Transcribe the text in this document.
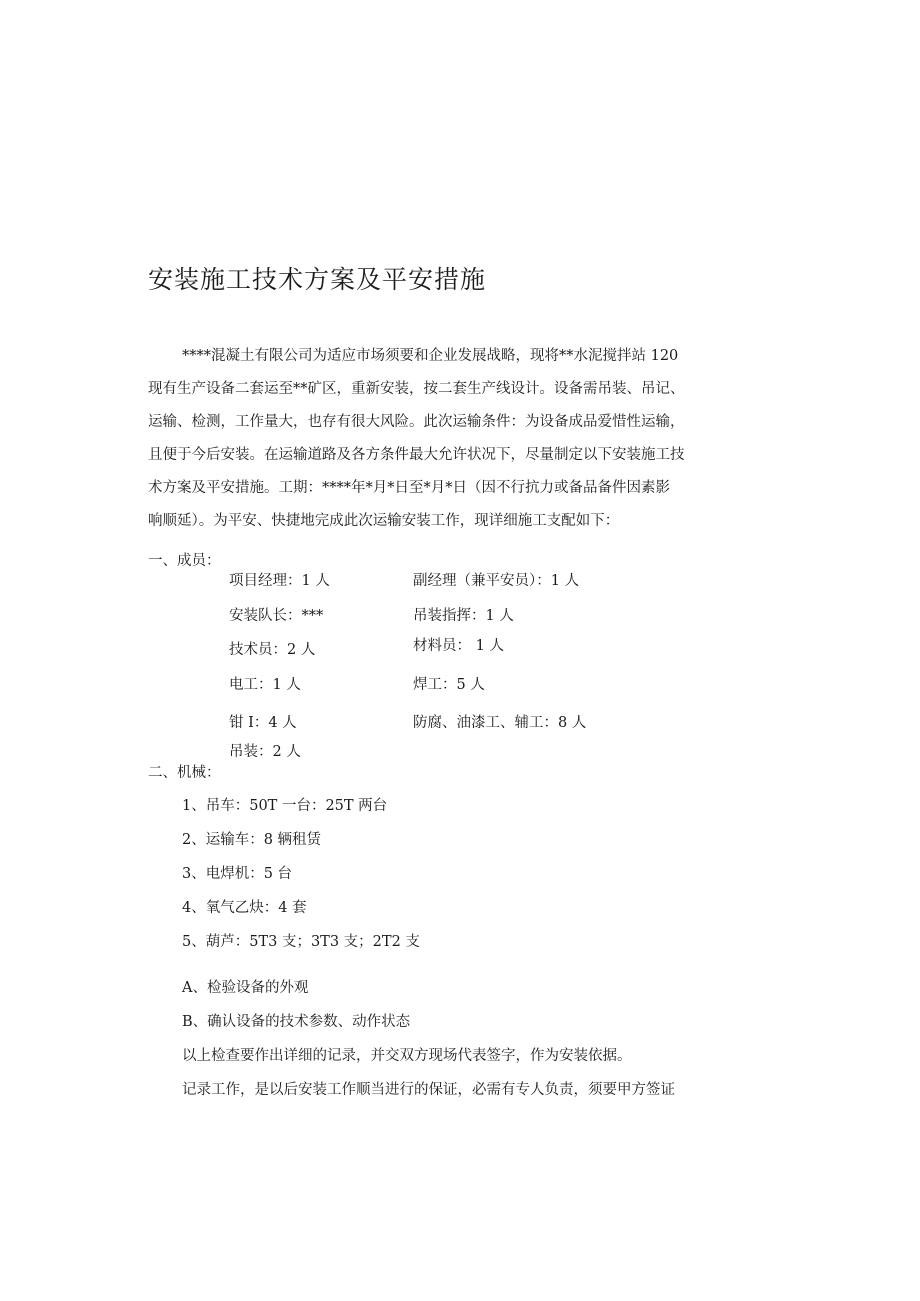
安装施工技术方案及平安措施
****混凝土有限公司为适应市场须要和企业发展战略，现将**水泥搅拌站 120
现有生产设备二套运至**矿区，重新安装，按二套生产线设计。设备需吊装、吊记、
运输、检测，工作量大，也存有很大风险。此次运输条件：为设备成品爱惜性运输，
且便于今后安装。在运输道路及各方条件最大允许状况下，尽量制定以下安装施工技
术方案及平安措施。工期：****年*月*日至*月*日（因不行抗力或备品备件因素影
响顺延）。为平安、快捷地完成此次运输安装工作，现详细施工支配如下：
一、成员：
项目经理：1 人
安装队长：***
技术员：2 人
电工：1 人
钳 I：4 人
吊装：2 人
副经理（兼平安员）：1 人
吊装指挥：1 人
材料员： 1 人
焊工：5 人
防腐、油漆工、辅工：8 人
二、机械：
1、吊车：50T 一台：25T 两台
2、运输车：8 辆租赁
3、电焊机：5 台
4、氧气乙炔：4 套
5、葫芦：5T3 支；3T3 支；2T2 支
A、检验设备的外观
B、确认设备的技术参数、动作状态
以上检查要作出详细的记录，并交双方现场代表签字，作为安装依据。
记录工作，是以后安装工作顺当进行的保证，必需有专人负责，须要甲方签证
